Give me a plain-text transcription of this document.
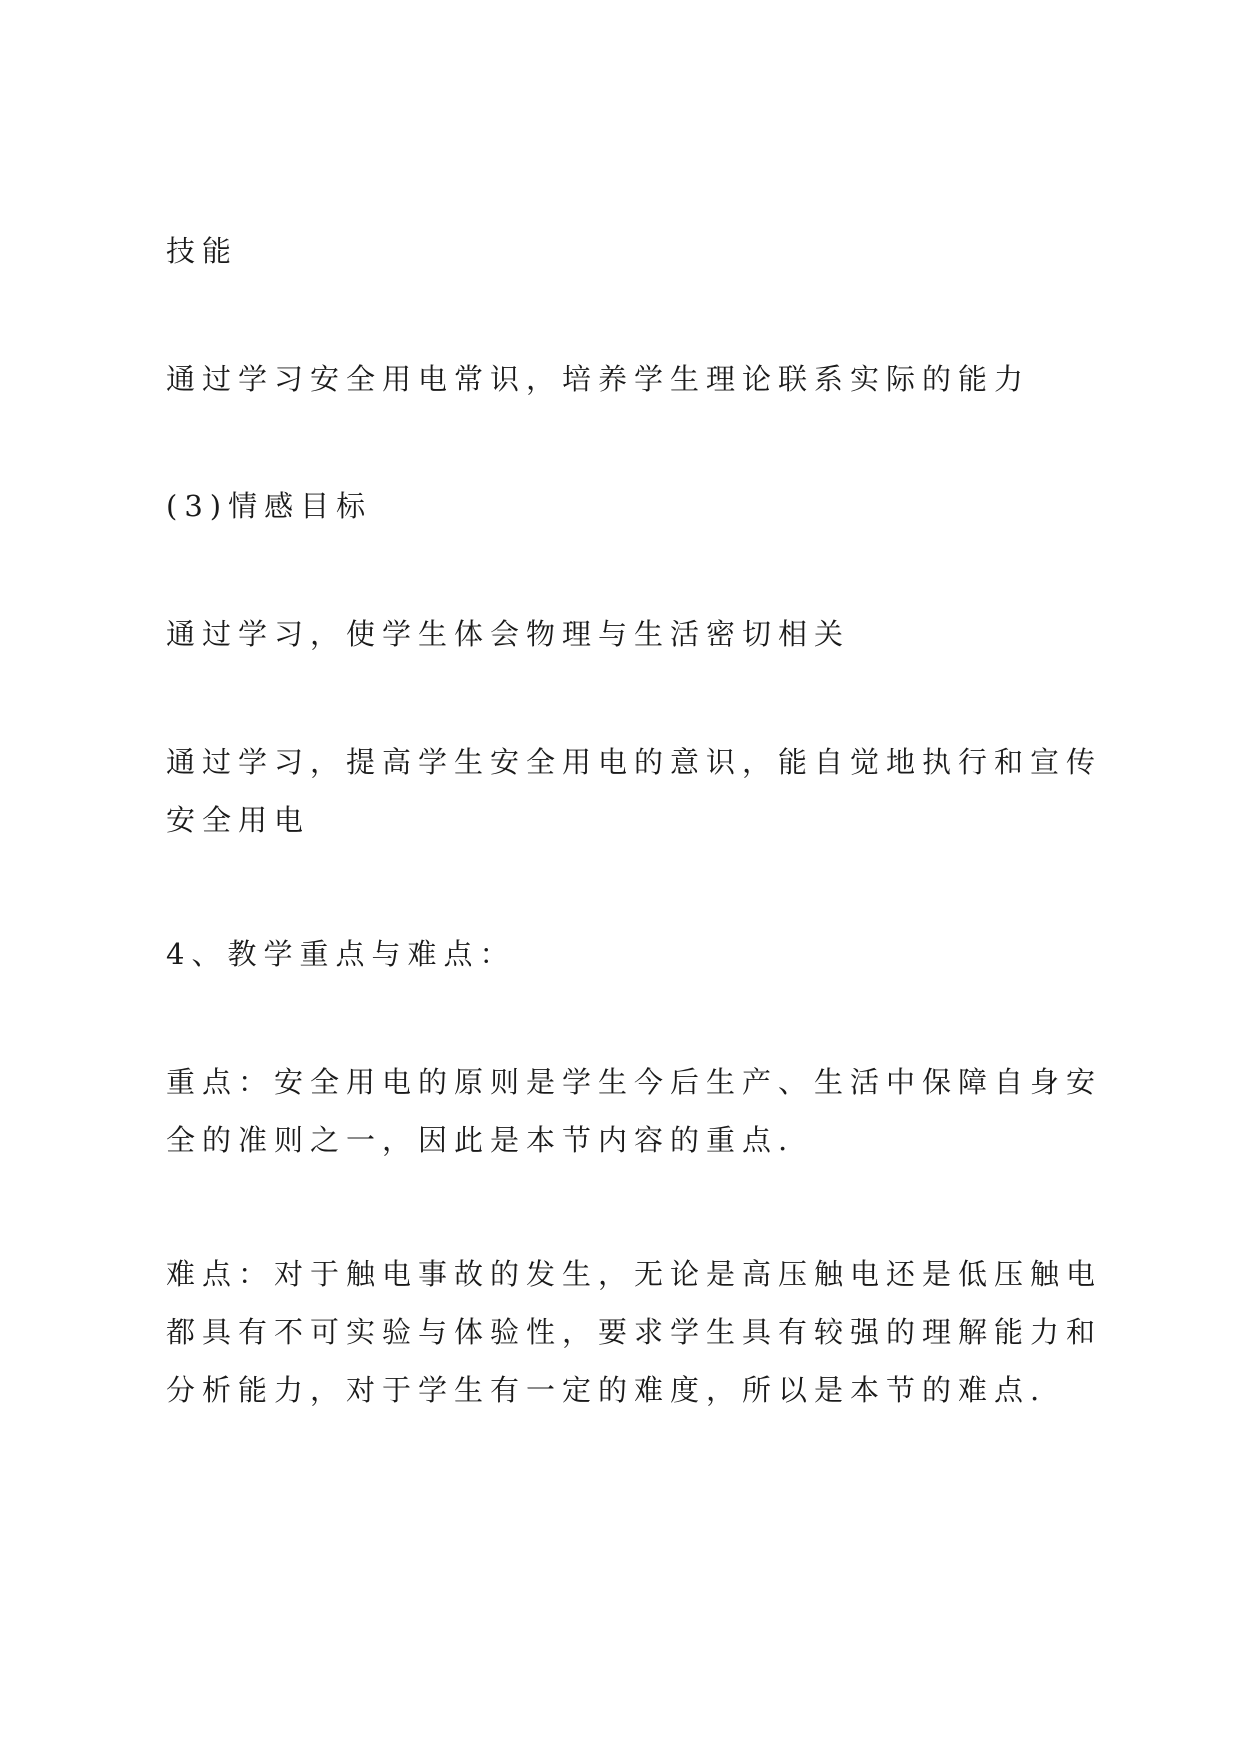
技能

通过学习安全用电常识，培养学生理论联系实际的能力

(3)情感目标

通过学习，使学生体会物理与生活密切相关

通过学习，提高学生安全用电的意识，能自觉地执行和宣传安全用电

4、教学重点与难点：

重点：安全用电的原则是学生今后生产、生活中保障自身安全的准则之一，因此是本节内容的重点.

难点：对于触电事故的发生，无论是高压触电还是低压触电都具有不可实验与体验性，要求学生具有较强的理解能力和分析能力，对于学生有一定的难度，所以是本节的难点.
